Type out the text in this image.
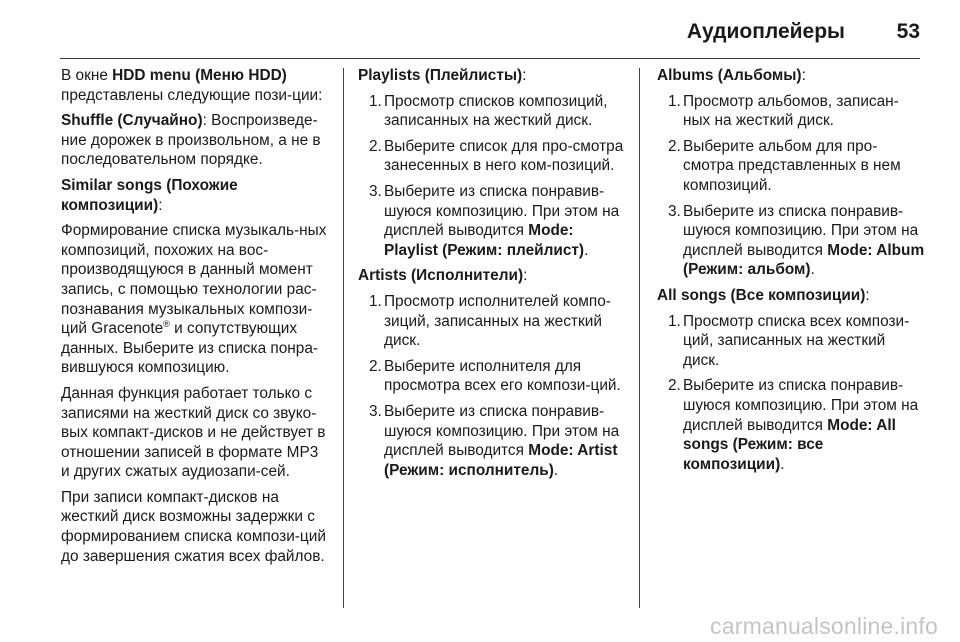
Аудиоплейеры 53

В окне HDD menu (Меню HDD) представлены следующие пози-ции:

Shuffle (Случайно): Воспроизведе-ние дорожек в произвольном, а не в последовательном порядке.

Similar songs (Похожие композиции):

Формирование списка музыкаль-ных композиций, похожих на вос-производящуюся в данный момент запись, с помощью технологии рас-познавания музыкальных компози-ций Gracenote® и сопутствующих данных. Выберите из списка понра-вившуюся композицию.

Данная функция работает только с записями на жесткий диск со звуко-вых компакт-дисков и не действует в отношении записей в формате MP3 и других сжатых аудиозапи-сей.

При записи компакт-дисков на жесткий диск возможны задержки с формированием списка компози-ций до завершения сжатия всех файлов.

Playlists (Плейлисты):

1. Просмотр списков композиций, записанных на жесткий диск.
2. Выберите список для про-смотра занесенных в него ком-позиций.
3. Выберите из списка понравив-шуюся композицию. При этом на дисплей выводится Mode: Playlist (Режим: плейлист).

Artists (Исполнители):

1. Просмотр исполнителей компо-зиций, записанных на жесткий диск.
2. Выберите исполнителя для просмотра всех его компози-ций.
3. Выберите из списка понравив-шуюся композицию. При этом на дисплей выводится Mode: Artist (Режим: исполнитель).

Albums (Альбомы):

1. Просмотр альбомов, записан-ных на жесткий диск.
2. Выберите альбом для про-смотра представленных в нем композиций.
3. Выберите из списка понравив-шуюся композицию. При этом на дисплей выводится Mode: Album (Режим: альбом).

All songs (Все композиции):

1. Просмотр списка всех компози-ций, записанных на жесткий диск.
2. Выберите из списка понравив-шуюся композицию. При этом на дисплей выводится Mode: All songs (Режим: все композиции).
carmanualsonline.info
